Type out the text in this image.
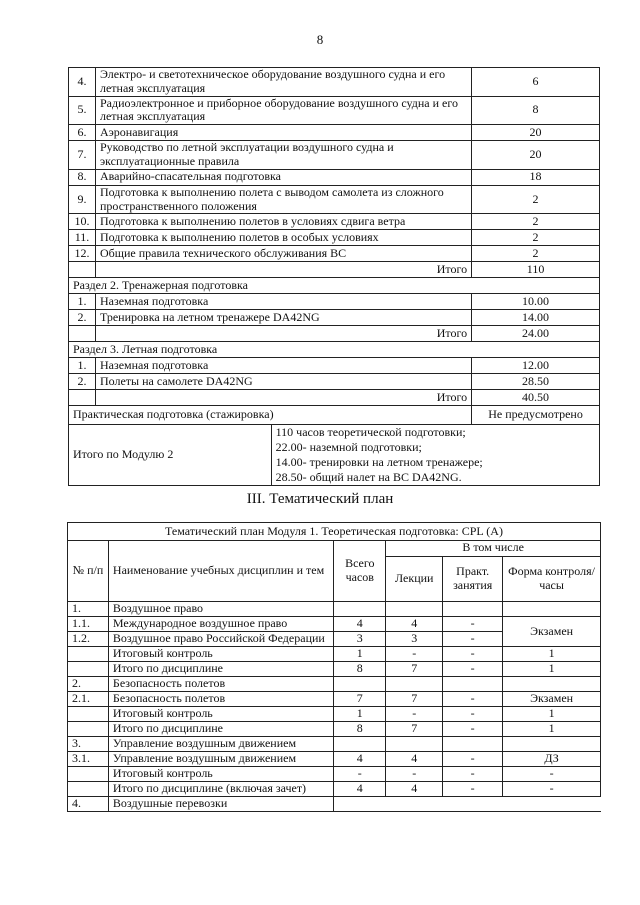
8
4.	Электро- и светотехническое оборудование воздушного судна и его летная эксплуатация		6
5.	Радиоэлектронное и приборное оборудование воздушного судна и его летная эксплуатация		8
6.	Аэронавигация		20
7.	Руководство по летной эксплуатации воздушного судна и эксплуатационные правила		20
8.	Аварийно-спасательная подготовка		18
9.	Подготовка к выполнению полета с выводом самолета из сложного пространственного положения		2
10.	Подготовка к выполнению полетов в условиях сдвига ветра		2
11.	Подготовка к выполнению полетов в особых условиях		2
12.	Общие правила технического обслуживания ВС		2
	Итого		110
Раздел 2. Тренажерная подготовка			
1.	Наземная подготовка		10.00
2.	Тренировка на летном тренажере DA42NG		14.00
	Итого		24.00
Раздел 3. Летная подготовка			
1.	Наземная подготовка		12.00
2.	Полеты на самолете DA42NG		28.50
	Итого		40.50
Практическая подготовка (стажировка)			Не предусмотрено
Итого по Модулю 2		110 часов теоретической подготовки;
22.00- наземной подготовки;
14.00- тренировки на летном тренажере;
28.50- общий налет на ВС DA42NG.	
III. Тематический план
Тематический план Модуля 1. Теоретическая подготовка: CPL (A)					
№ п/п	Наименование учебных дисциплин и тем	Всего часов	В том числе		
			Лекции	Практ. занятия	Форма контроля/ часы
1.	Воздушное право				
1.1.	Международное воздушное право	4	4	-	Экзамен
1.2.	Воздушное право Российской Федерации	3	3	-	
	Итоговый контроль	1	-	-	1
	Итого по дисциплине	8	7	-	1
2.	Безопасность полетов				
2.1.	Безопасность полетов	7	7	-	Экзамен
	Итоговый контроль	1	-	-	1
	Итого по дисциплине	8	7	-	1
3.	Управление воздушным движением				
3.1.	Управление воздушным движением	4	4	-	ДЗ
	Итоговый контроль	-	-	-	-
	Итого по дисциплине (включая зачет)	4	4	-	-
4.	Воздушные перевозки				
